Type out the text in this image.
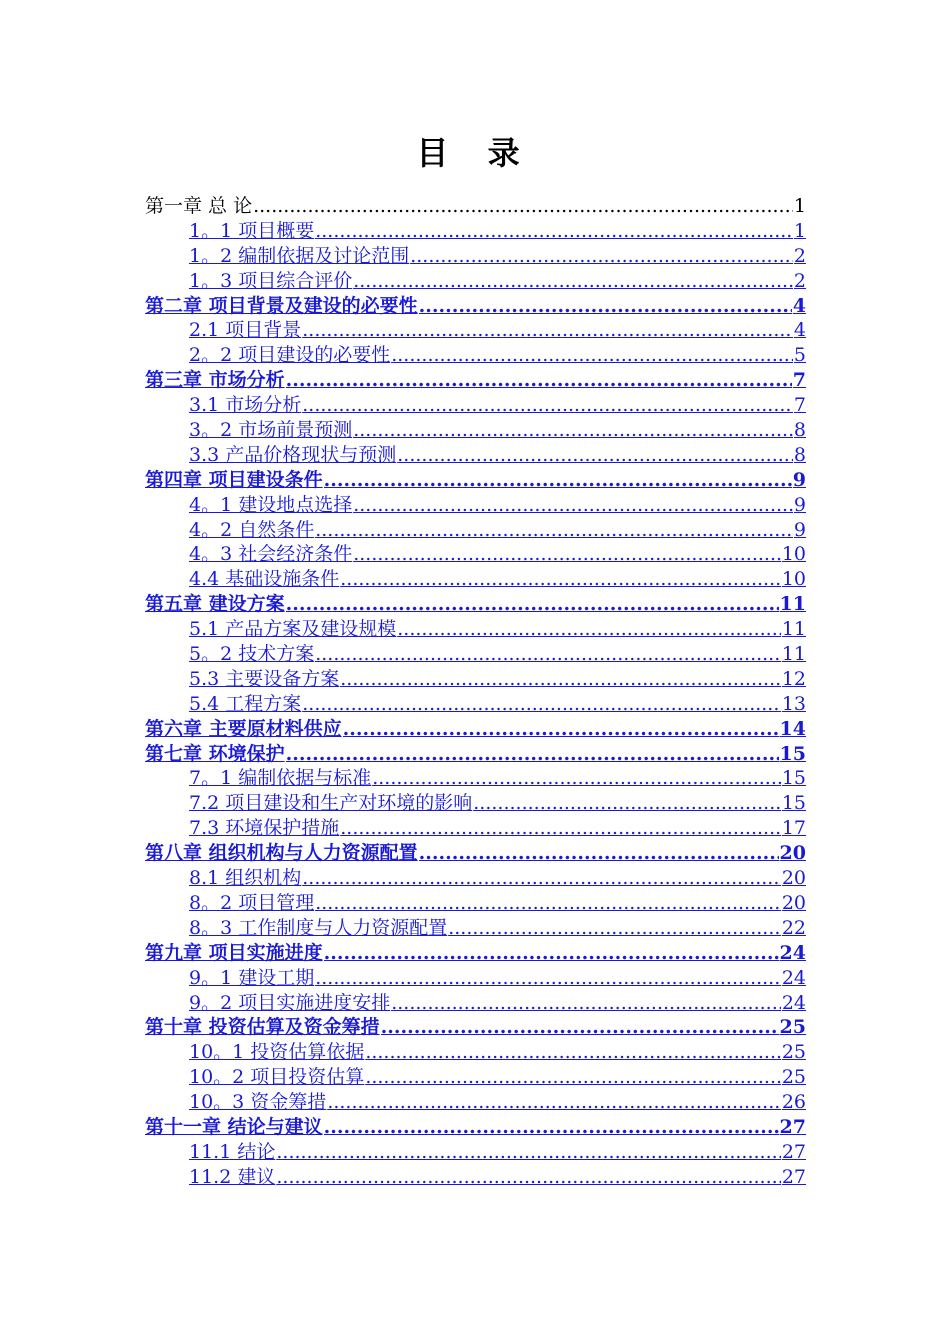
目 录
第一章 总 论 .....	1
1。1 项目概要 .....	1
1。2 编制依据及讨论范围 .....	2
1。3 项目综合评价 .....	2
第二章 项目背景及建设的必要性 .....	4
2.1 项目背景 .....	4
2。2 项目建设的必要性 .....	5
第三章 市场分析 .....	7
3.1 市场分析 .....	7
3。2 市场前景预测 .....	8
3.3 产品价格现状与预测 .....	8
第四章 项目建设条件 .....	9
4。1 建设地点选择 .....	9
4。2 自然条件 .....	9
4。3 社会经济条件 .....	10
4.4 基础设施条件 .....	10
第五章 建设方案 .....	11
5.1 产品方案及建设规模 .....	11
5。2 技术方案 .....	11
5.3 主要设备方案 .....	12
5.4 工程方案 .....	13
第六章 主要原材料供应 .....	14
第七章 环境保护 .....	15
7。1 编制依据与标准 .....	15
7.2 项目建设和生产对环境的影响 .....	15
7.3 环境保护措施 .....	17
第八章 组织机构与人力资源配置 .....	20
8.1 组织机构 .....	20
8。2 项目管理 .....	20
8。3 工作制度与人力资源配置 .....	22
第九章 项目实施进度 .....	24
9。1 建设工期 .....	24
9。2 项目实施进度安排 .....	24
第十章 投资估算及资金筹措 .....	25
10。1 投资估算依据 .....	25
10。2 项目投资估算 .....	25
10。3 资金筹措 .....	26
第十一章 结论与建议 .....	27
11.1 结论 .....	27
11.2 建议 .....	27
